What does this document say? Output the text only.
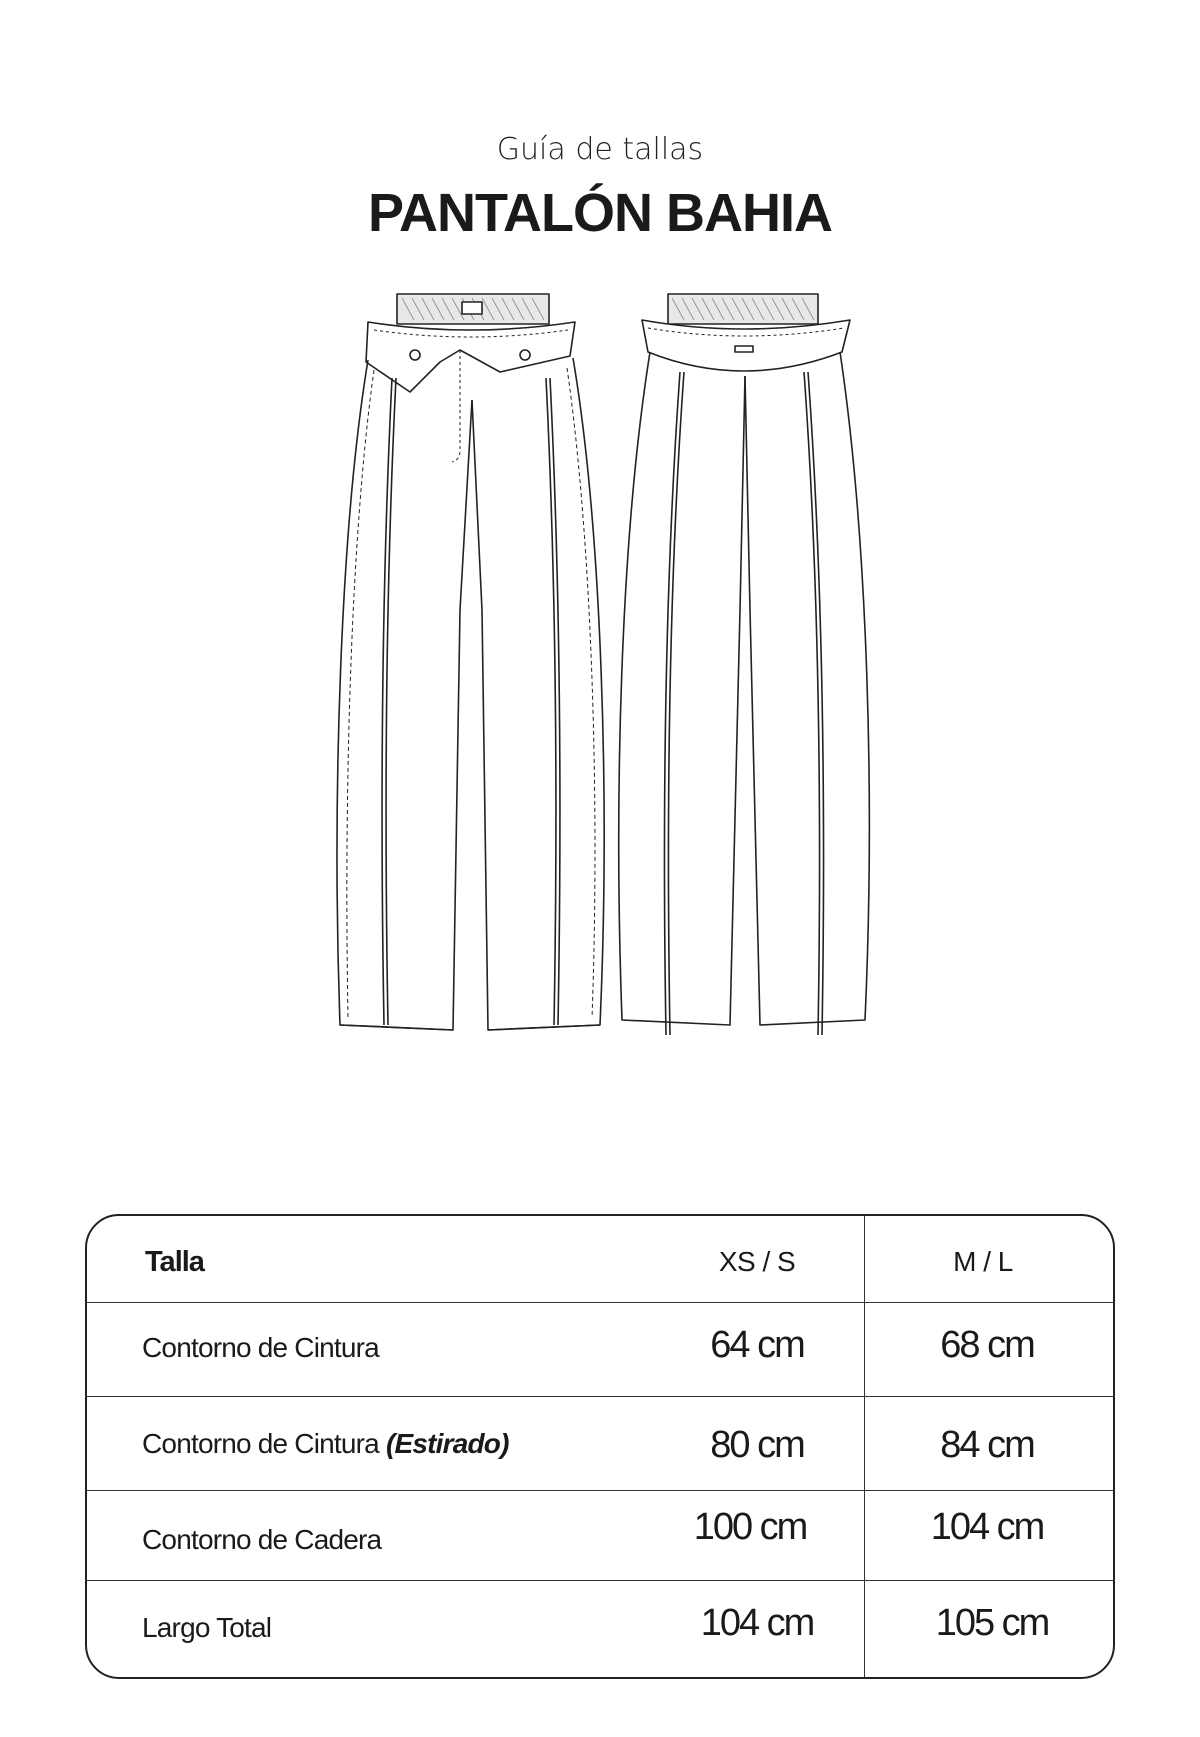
Guía de tallas
PANTALÓN BAHIA
Talla	XS / S	M / L
Contorno de Cintura	64 cm	68 cm
Contorno de Cintura (Estirado)	80 cm	84 cm
Contorno de Cadera	100 cm	104 cm
Largo Total	104 cm	105 cm
